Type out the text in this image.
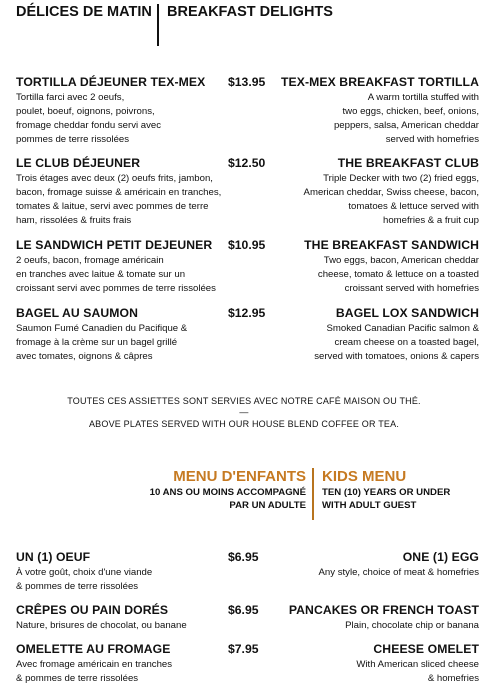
DÉLICES DE MATIN BREAKFAST DELIGHTS
TORTILLA DÉJEUNER TEX-MEX
Tortilla farci avec 2 oeufs,
poulet, boeuf, oignons, poivrons,
fromage cheddar fondu servi avec
pommes de terre rissolées
$13.95 TEX-MEX BREAKFAST TORTILLA
A warm tortilla stuffed with
two eggs, chicken, beef, onions,
peppers, salsa, American cheddar
served with homefries
LE CLUB DÉJEUNER
Trois étages avec deux (2) oeufs frits, jambon,
bacon, fromage suisse & américain en tranches,
tomates & laitue, servi avec pommes de terre
ham, rissolées & fruits frais
$12.50	THE BREAKFAST CLUB
Triple Decker with two (2) fried eggs,
American cheddar, Swiss cheese, bacon,
tomatoes & lettuce served with
homefries & a fruit cup
LE SANDWICH PETIT DEJEUNER
2 oeufs, bacon, fromage américain
en tranches avec laitue & tomate sur un
croissant servi avec pommes de terre rissolées
$10.95	THE BREAKFAST SANDWICH
Two eggs, bacon, American cheddar
cheese, tomato & lettuce on a toasted
croissant served with homefries
BAGEL AU SAUMON
Saumon Fumé Canadien du Pacifique &
fromage à la crème sur un bagel grillé
avec tomates, oignons & câpres
$12.95	BAGEL LOX SANDWICH
Smoked Canadian Pacific salmon &
cream cheese on a toasted bagel,
served with tomatoes, onions & capers
TOUTES CES ASSIETTES SONT SERVIES AVEC NOTRE CAFÉ MAISON OU THÉ.
—
ABOVE PLATES SERVED WITH OUR HOUSE BLEND COFFEE OR TEA.
MENU D'ENFANTS
10 ANS OU MOINS ACCOMPAGNÉ
PAR UN ADULTE
KIDS MENU
TEN (10) YEARS OR UNDER
WITH ADULT GUEST
UN (1) OEUF
À votre goût, choix d'une viande
& pommes de terre rissolées
$6.95	ONE (1) EGG
Any style, choice of meat & homefries
CRÊPES OU PAIN DORÉS
Nature, brisures de chocolat, ou banane
$6.95	PANCAKES OR FRENCH TOAST
Plain, chocolate chip or banana
OMELETTE AU FROMAGE
Avec fromage américain en tranches
& pommes de terre rissolées
$7.95	CHEESE OMELET
With American sliced cheese
& homefries
